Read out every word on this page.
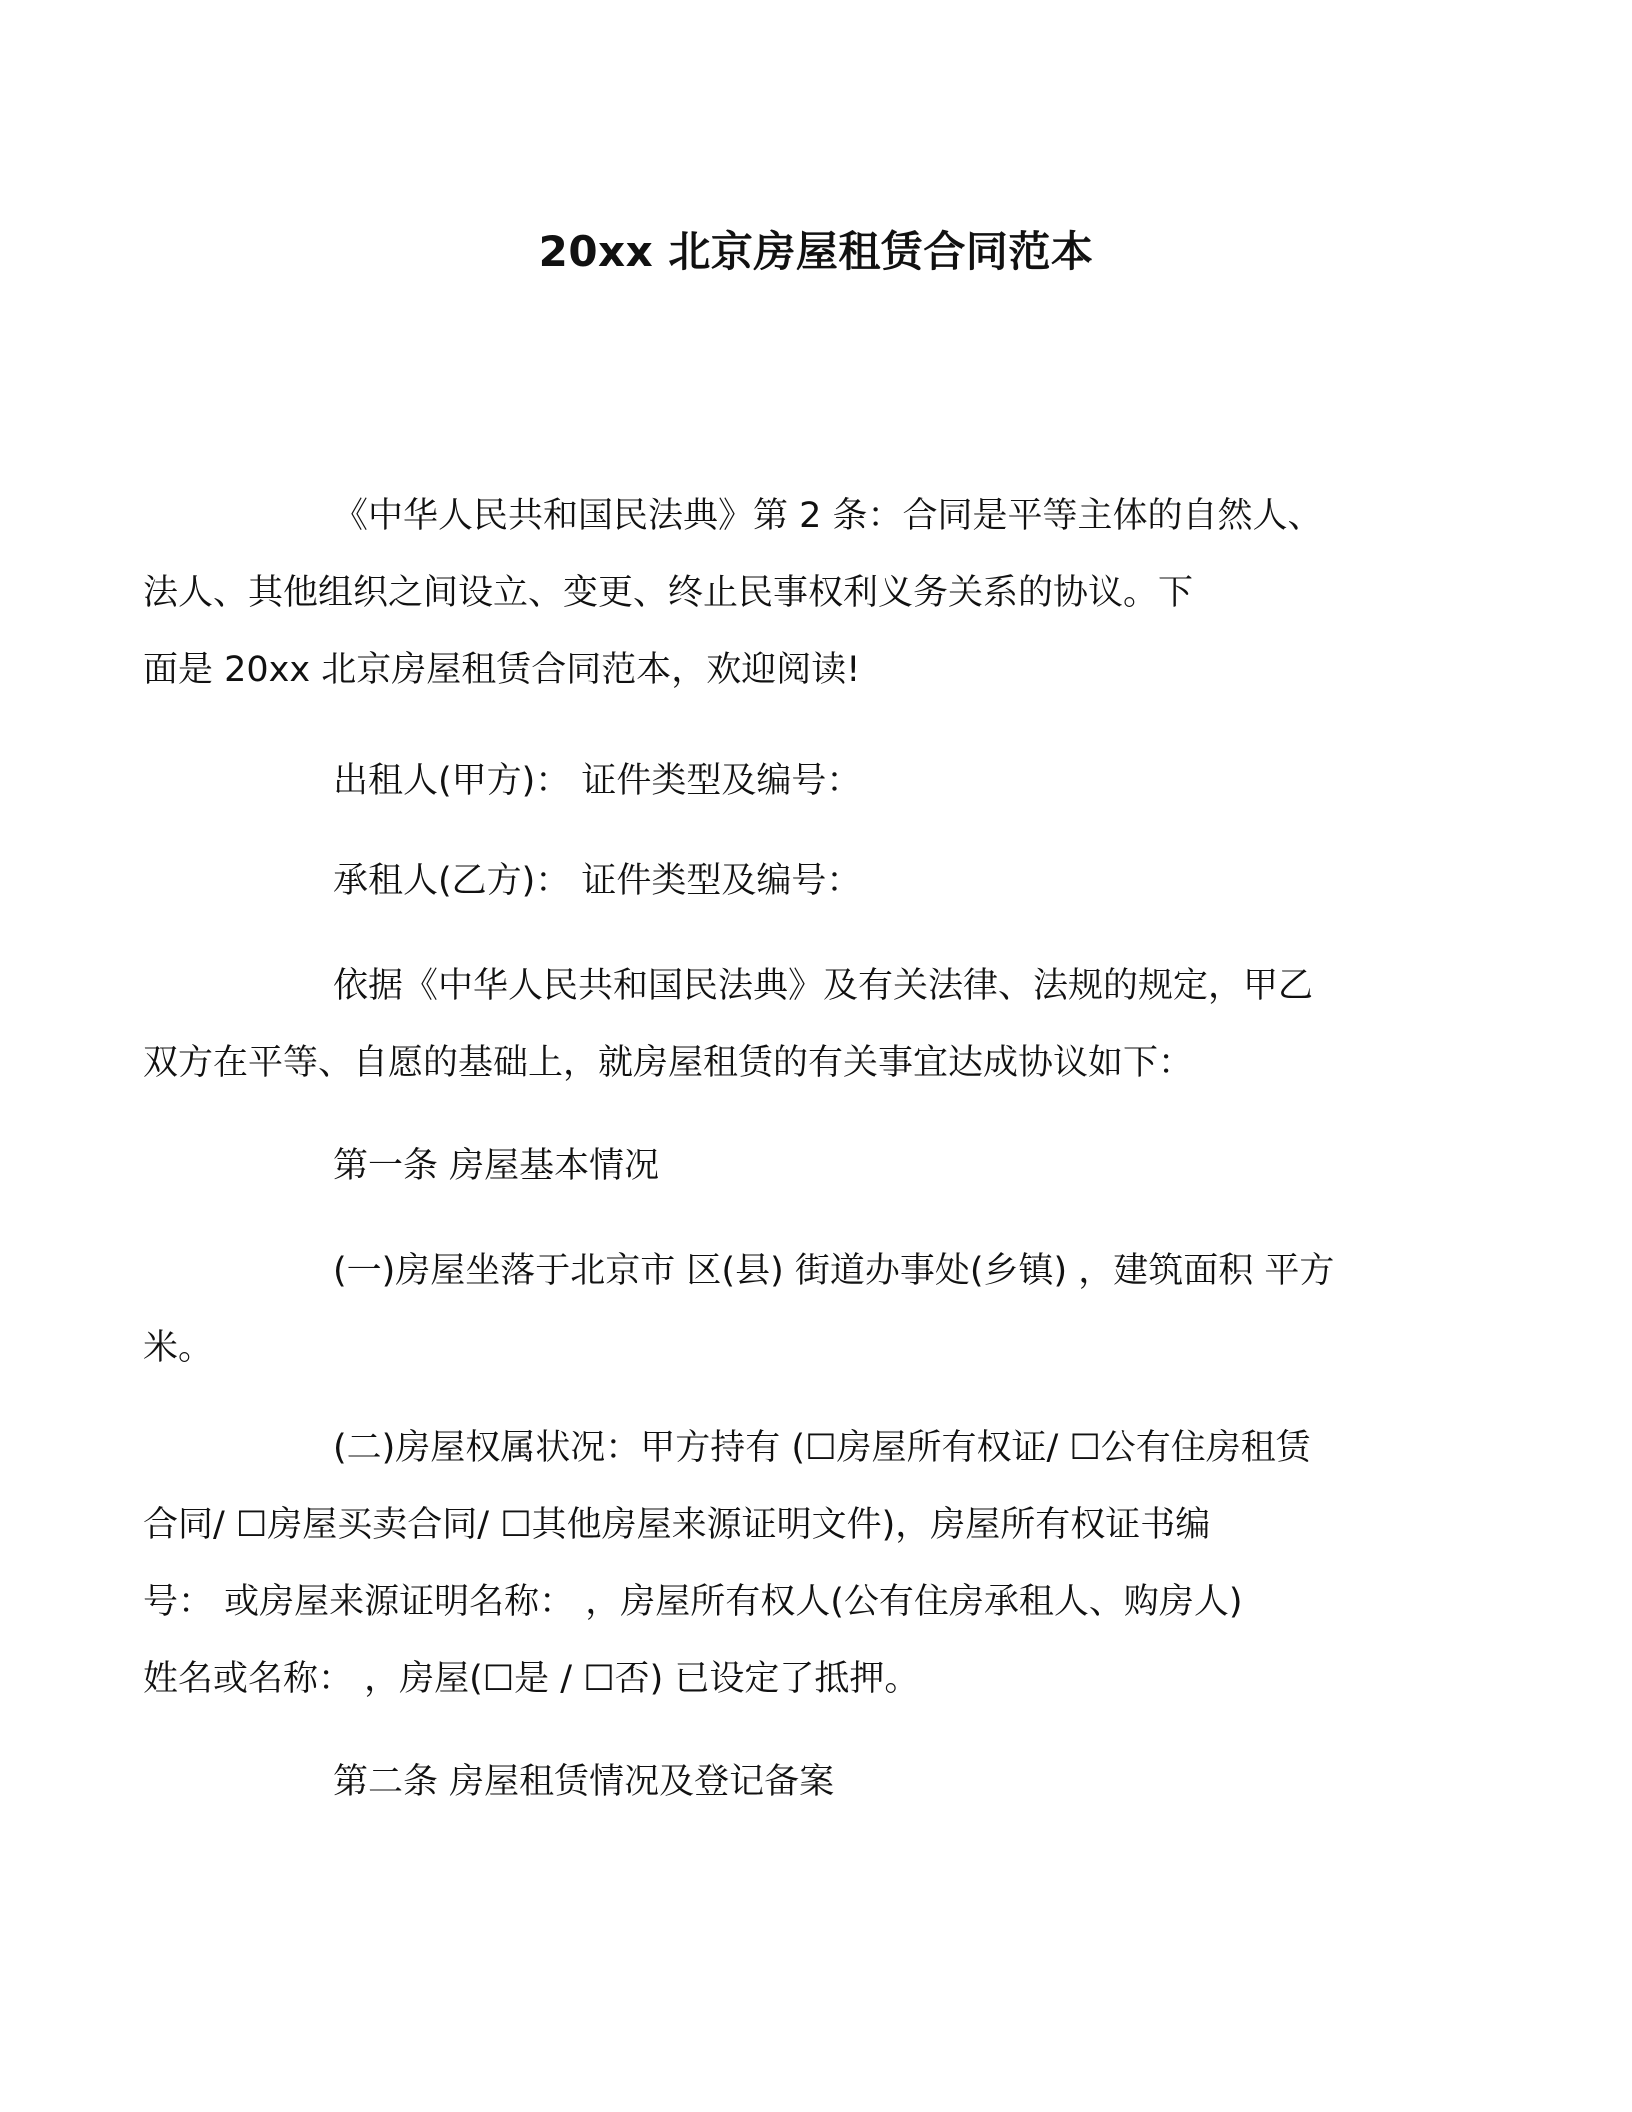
20xx 北京房屋租赁合同范本
《中华人民共和国民法典》第 2 条：合同是平等主体的自然人、
法人、其他组织之间设立、变更、终止民事权利义务关系的协议。下
面是 20xx 北京房屋租赁合同范本，欢迎阅读!
出租人(甲方)： 证件类型及编号：
承租人(乙方)： 证件类型及编号：
依据《中华人民共和国民法典》及有关法律、法规的规定，甲乙
双方在平等、自愿的基础上，就房屋租赁的有关事宜达成协议如下：
第一条 房屋基本情况
(一)房屋坐落于北京市 区(县) 街道办事处(乡镇) ，建筑面积 平方
米。
(二)房屋权属状况：甲方持有 (☐房屋所有权证/ ☐公有住房租赁
合同/ ☐房屋买卖合同/ ☐其他房屋来源证明文件)，房屋所有权证书编
号： 或房屋来源证明名称： ，房屋所有权人(公有住房承租人、购房人)
姓名或名称： ，房屋(☐是 / ☐否) 已设定了抵押。
第二条 房屋租赁情况及登记备案
